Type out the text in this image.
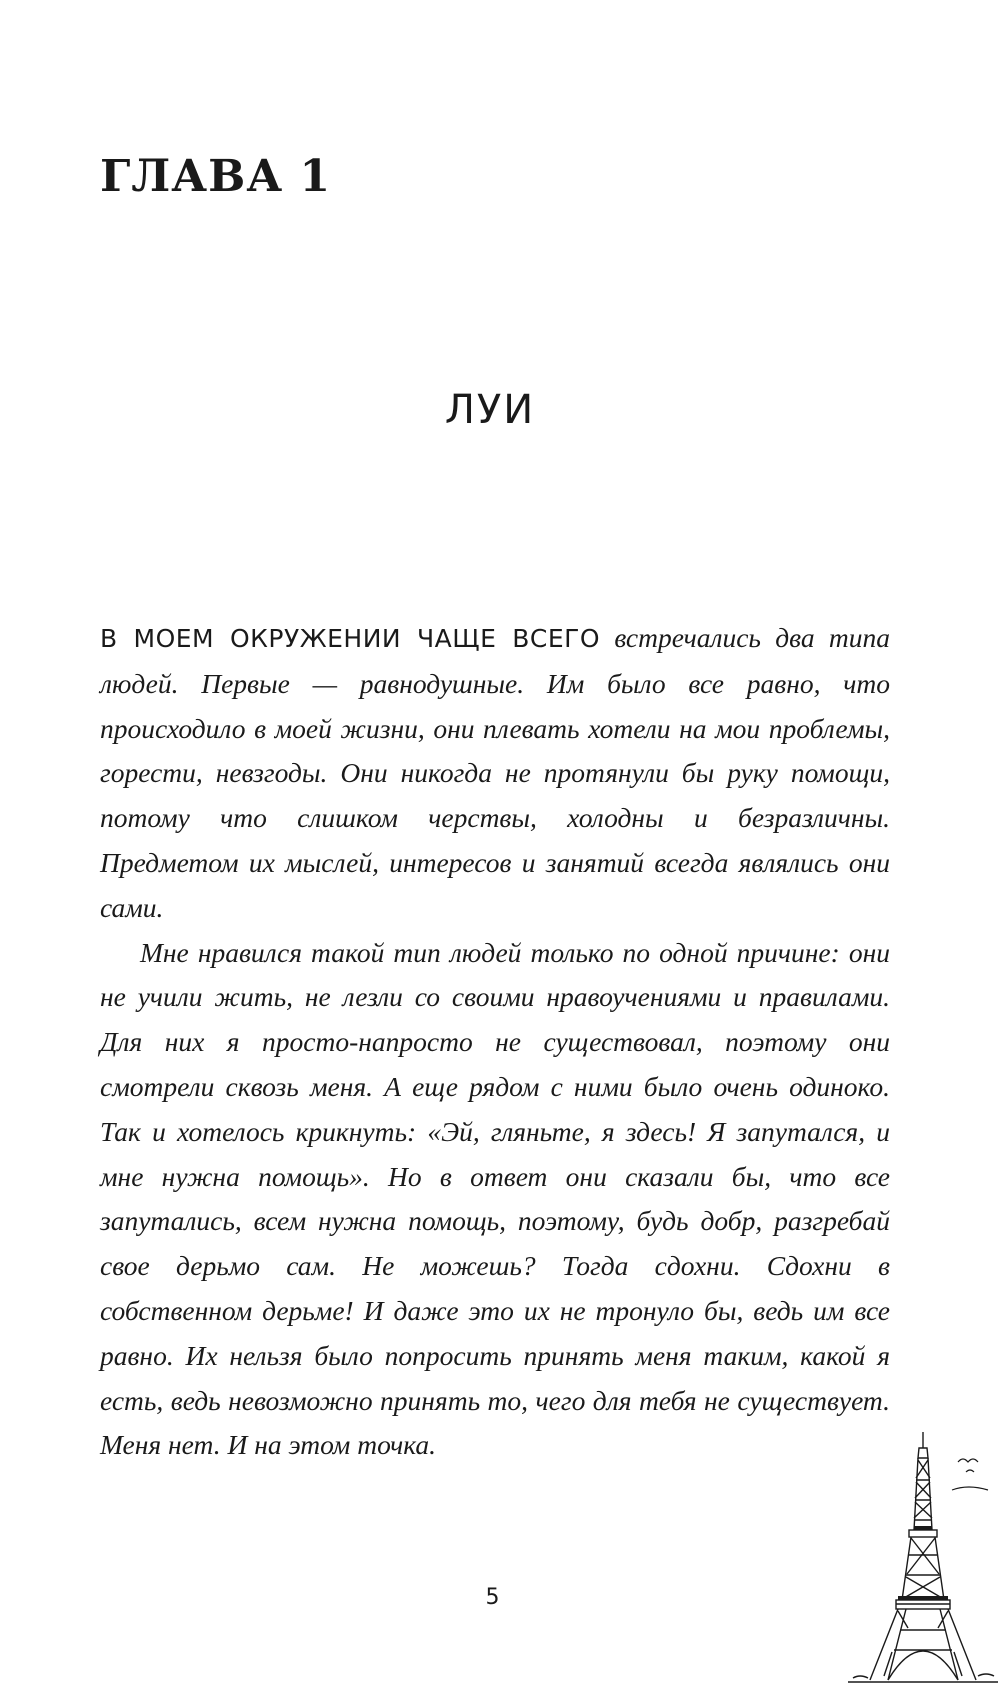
ГЛАВА 1
ЛУИ

В МОЕМ ОКРУЖЕНИИ ЧАЩЕ ВСЕГО встречались два типа людей. Первые — равнодушные. Им было все равно, что происходило в моей жизни, они плевать хотели на мои проблемы, горести, невзгоды. Они никогда не протянули бы руку помощи, потому что слишком черствы, холодны и безразличны. Предметом их мыслей, интересов и занятий всегда являлись они сами.

Мне нравился такой тип людей только по одной причине: они не учили жить, не лезли со своими нравоучениями и правилами. Для них я просто-напросто не существовал, поэтому они смотрели сквозь меня. А еще рядом с ними было очень одиноко. Так и хотелось крикнуть: «Эй, гляньте, я здесь! Я запутался, и мне нужна помощь». Но в ответ они сказали бы, что все запутались, всем нужна помощь, поэтому, будь добр, разгребай свое дерьмо сам. Не можешь? Тогда сдохни. Сдохни в собственном дерьме! И даже это их не тронуло бы, ведь им все равно. Их нельзя было попросить принять меня таким, какой я есть, ведь невозможно принять то, чего для тебя не существует. Меня нет. И на этом точка.

5
